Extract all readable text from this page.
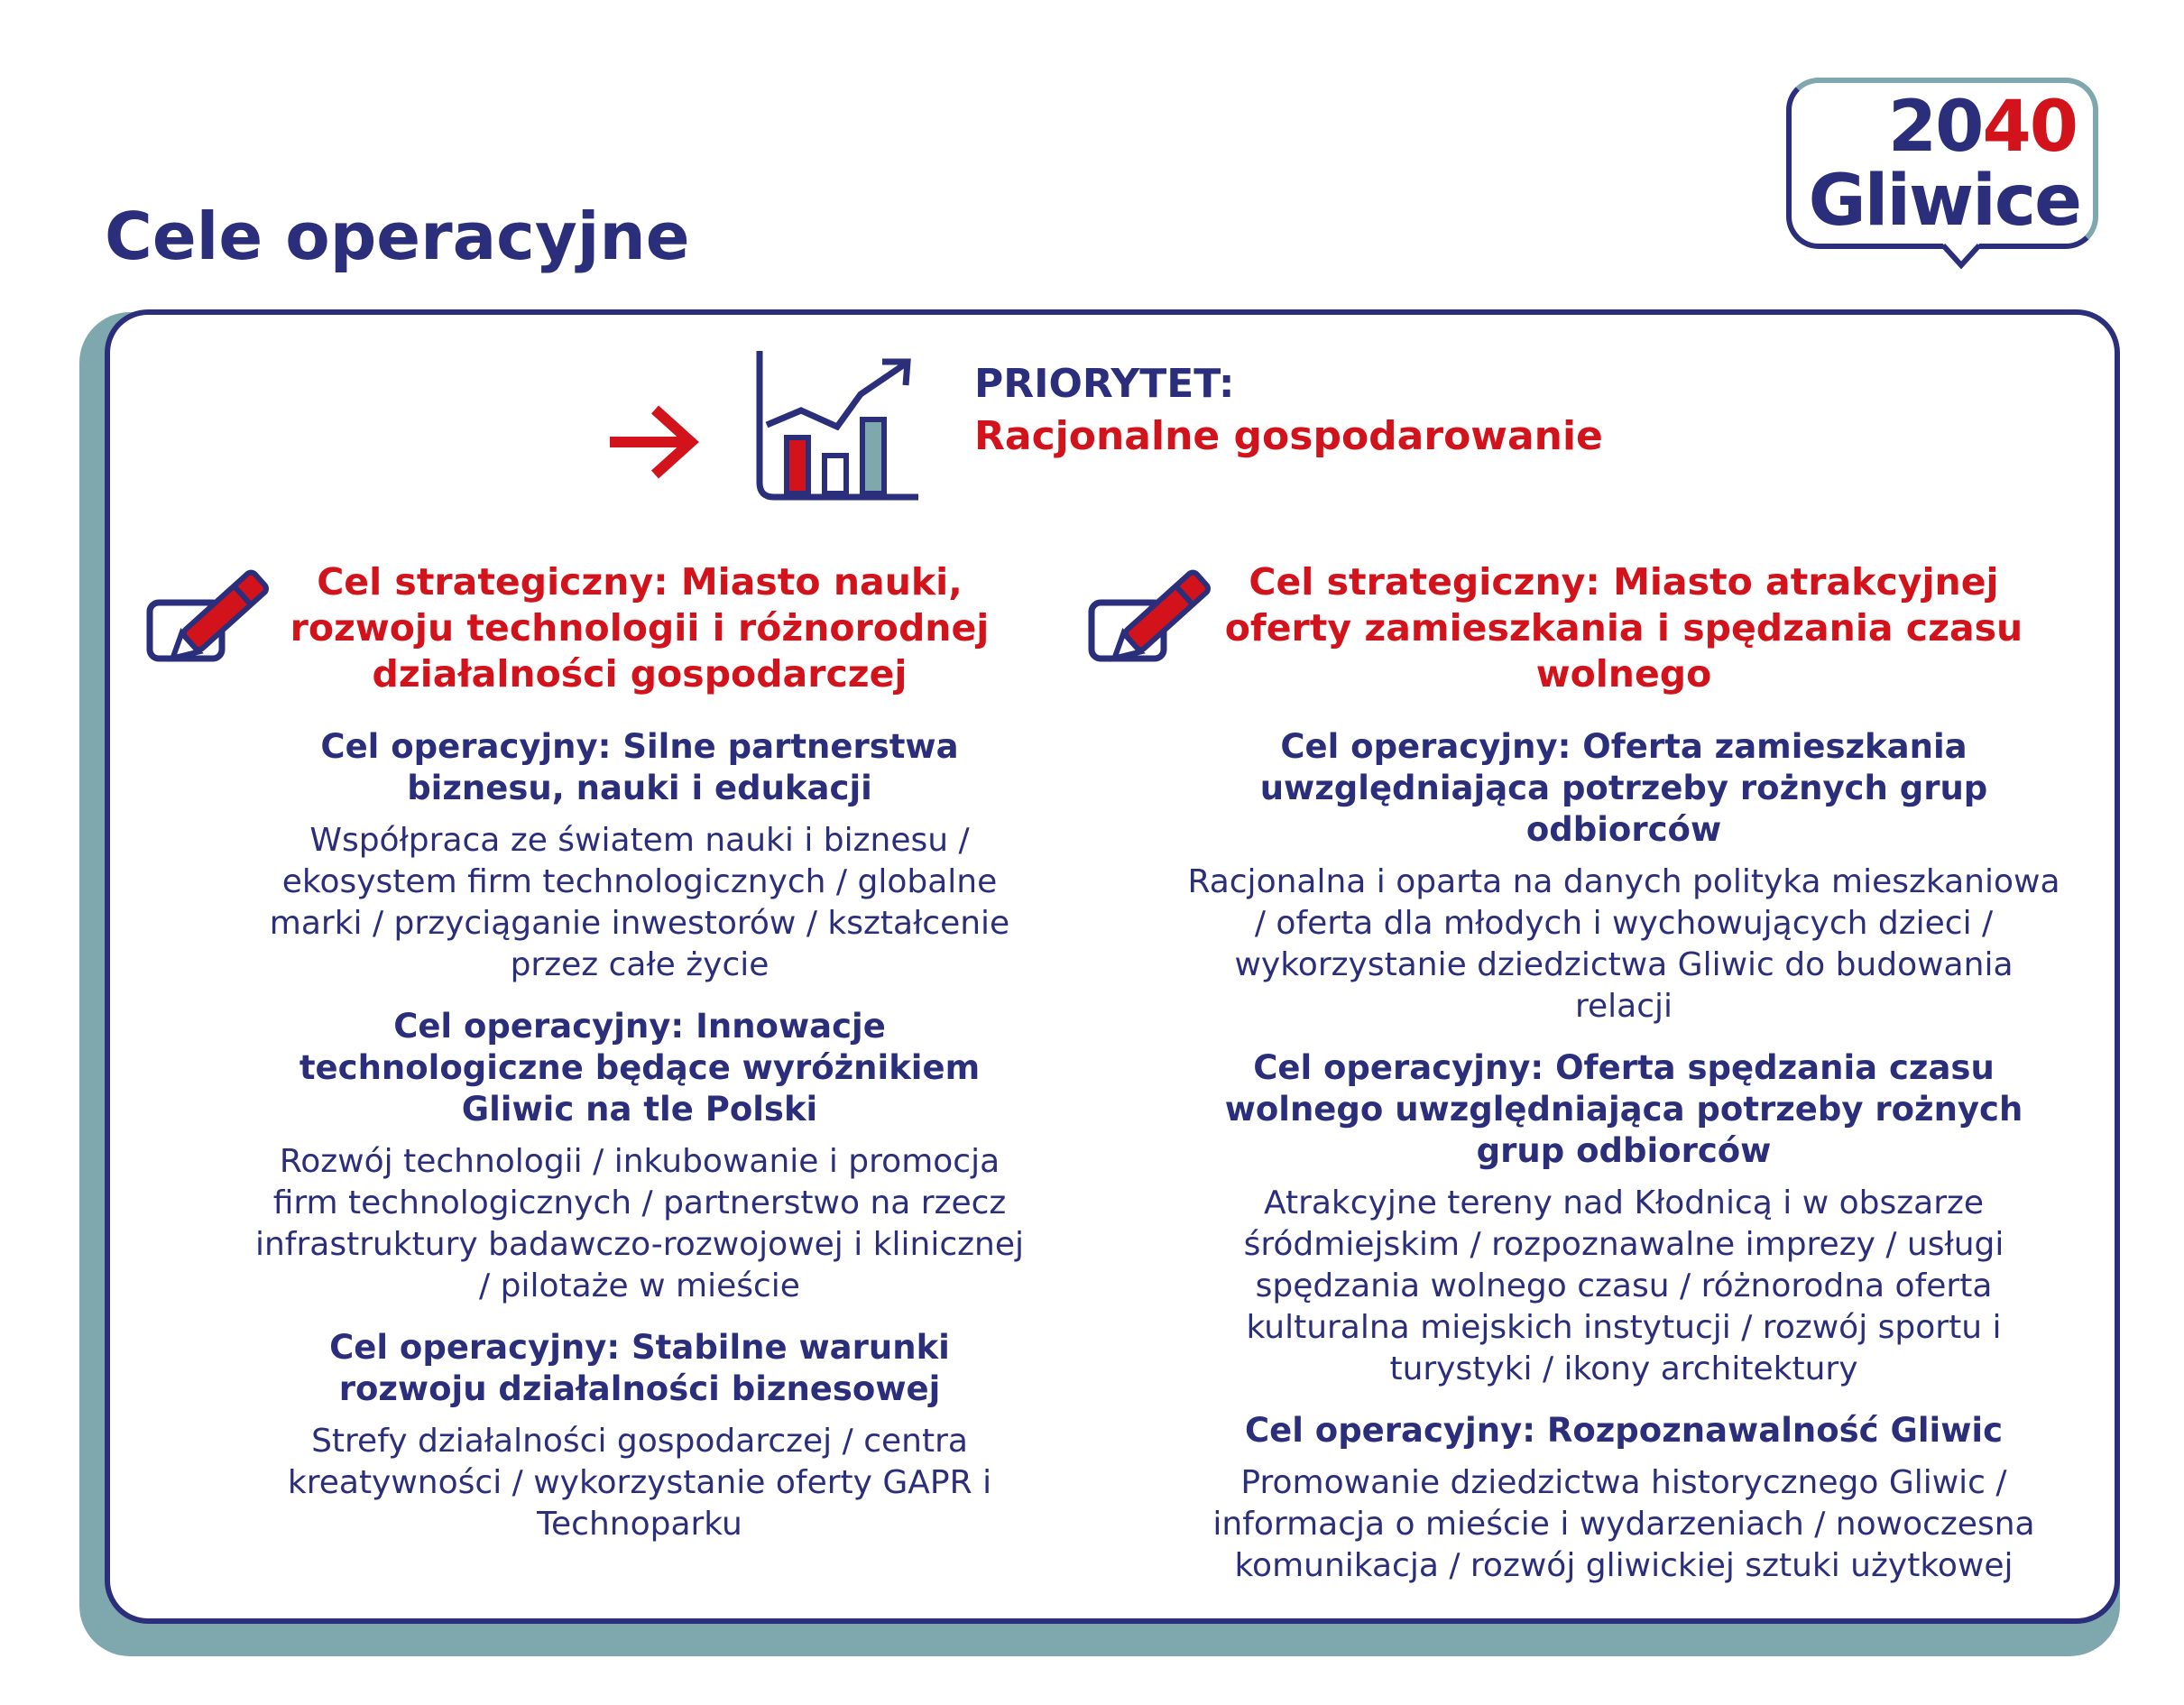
Cele operacyjne
2040
Gliwice
PRIORYTET:
Racjonalne gospodarowanie
Cel strategiczny: Miasto nauki, rozwoju technologii i różnorodnej działalności gospodarczej
Cel operacyjny: Silne partnerstwa biznesu, nauki i edukacji
Współpraca ze światem nauki i biznesu / ekosystem firm technologicznych / globalne marki / przyciąganie inwestorów / kształcenie przez całe życie
Cel operacyjny: Innowacje technologiczne będące wyróżnikiem Gliwic na tle Polski
Rozwój technologii / inkubowanie i promocja firm technologicznych / partnerstwo na rzecz infrastruktury badawczo-rozwojowej i klinicznej / pilotaże w mieście
Cel operacyjny: Stabilne warunki rozwoju działalności biznesowej
Strefy działalności gospodarczej / centra kreatywności / wykorzystanie oferty GAPR i Technoparku
Cel strategiczny: Miasto atrakcyjnej oferty zamieszkania i spędzania czasu wolnego
Cel operacyjny: Oferta zamieszkania uwzględniająca potrzeby rożnych grup odbiorców
Racjonalna i oparta na danych polityka mieszkaniowa / oferta dla młodych i wychowujących dzieci / wykorzystanie dziedzictwa Gliwic do budowania relacji
Cel operacyjny: Oferta spędzania czasu wolnego uwzględniająca potrzeby rożnych grup odbiorców
Atrakcyjne tereny nad Kłodnicą i w obszarze śródmiejskim / rozpoznawalne imprezy / usługi spędzania wolnego czasu / różnorodna oferta kulturalna miejskich instytucji / rozwój sportu i turystyki / ikony architektury
Cel operacyjny: Rozpoznawalność Gliwic
Promowanie dziedzictwa historycznego Gliwic / informacja o mieście i wydarzeniach / nowoczesna komunikacja / rozwój gliwickiej sztuki użytkowej
